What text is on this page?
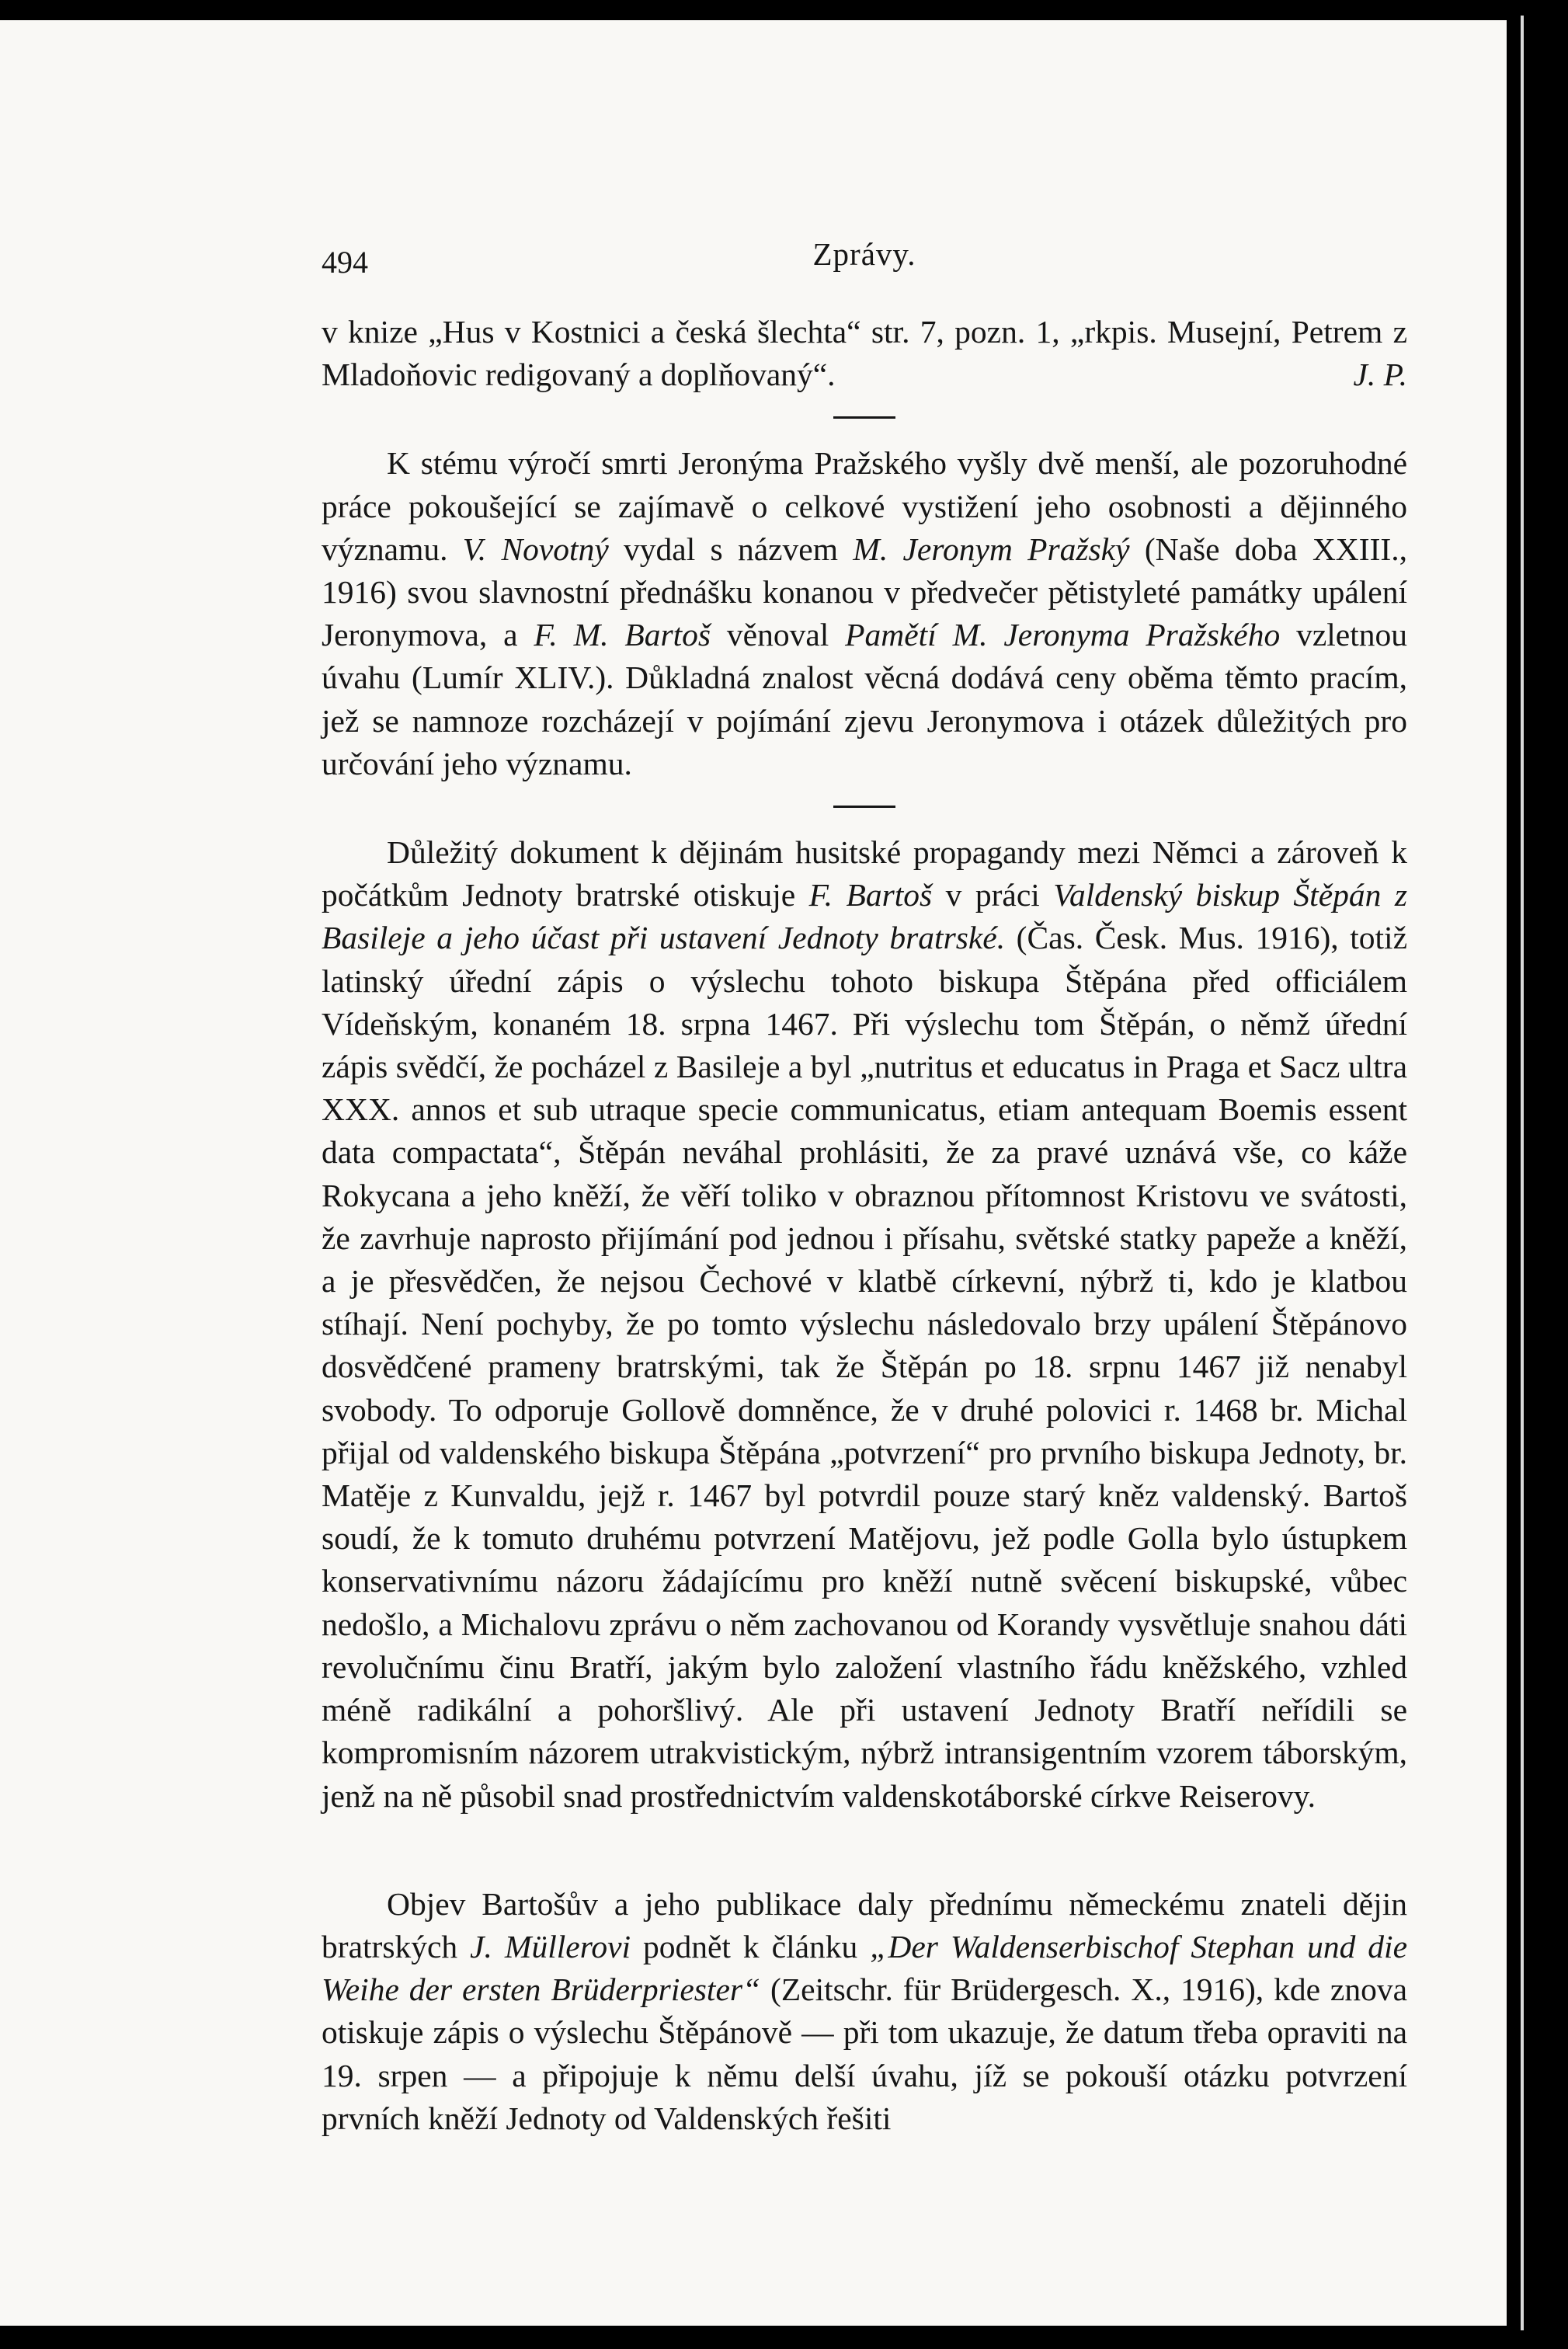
494	Zprávy.

v knize „Hus v Kostnici a česká šlechta“ str. 7, pozn. 1, „rkpis. Musejní, Petrem z Mladoňovic redigovaný a doplňovaný“.	J. P.

K stému výročí smrti Jeronýma Pražského vyšly dvě menší, ale pozoruhodné práce pokoušející se zajímavě o celkové vystižení jeho osobnosti a dějinného významu. V. Novotný vydal s názvem M. Jeronym Pražský (Naše doba XXIII., 1916) svou slavnostní přednášku konanou v předvečer pětistyleté památky upálení Jeronymova, a F. M. Bartoš věnoval Pamětí M. Jeronyma Pražského vzletnou úvahu (Lumír XLIV.). Důkladná znalost věcná dodává ceny oběma těmto pracím, jež se namnoze rozcházejí v pojímání zjevu Jeronymova i otázek důležitých pro určování jeho významu.

Důležitý dokument k dějinám husitské propagandy mezi Němci a zároveň k počátkům Jednoty bratrské otiskuje F. Bartoš v práci Valdenský biskup Štěpán z Basileje a jeho účast při ustavení Jednoty bratrské. (Čas. Česk. Mus. 1916), totiž latinský úřední zápis o výslechu tohoto biskupa Štěpána před officiálem Vídeňským, konaném 18. srpna 1467. Při výslechu tom Štěpán, o němž úřední zápis svědčí, že pocházel z Basileje a byl „nutritus et educatus in Praga et Sacz ultra XXX. annos et sub utraque specie communicatus, etiam antequam Boemis essent data compactata“, Štěpán neváhal prohlásiti, že za pravé uznává vše, co káže Rokycana a jeho kněží, že věří toliko v obraznou přítomnost Kristovu ve svátosti, že zavrhuje naprosto přijímání pod jednou i přísahu, světské statky papeže a kněží, a je přesvědčen, že nejsou Čechové v klatbě církevní, nýbrž ti, kdo je klatbou stíhají. Není pochyby, že po tomto výslechu následovalo brzy upálení Štěpánovo dosvědčené prameny bratrskými, tak že Štěpán po 18. srpnu 1467 již nenabyl svobody. To odporuje Gollově domněnce, že v druhé polovici r. 1468 br. Michal přijal od valdenského biskupa Štěpána „potvrzení“ pro prvního biskupa Jednoty, br. Matěje z Kunvaldu, jejž r. 1467 byl potvrdil pouze starý kněz valdenský. Bartoš soudí, že k tomuto druhému potvrzení Matějovu, jež podle Golla bylo ústupkem konservativnímu názoru žádajícímu pro kněží nutně svěcení biskupské, vůbec nedošlo, a Michalovu zprávu o něm zachovanou od Korandy vysvětluje snahou dáti revolučnímu činu Bratří, jakým bylo založení vlastního řádu kněžského, vzhled méně radikální a pohoršlivý. Ale při ustavení Jednoty Bratří neřídili se kompromisním názorem utrakvistickým, nýbrž intransigentním vzorem táborským, jenž na ně působil snad prostřednictvím valdenskotáborské církve Reiserovy.

Objev Bartošův a jeho publikace daly přednímu německému znateli dějin bratrských J. Müllerovi podnět k článku „Der Waldenserbischof Stephan und die Weihe der ersten Brüderpriester“ (Zeitschr. für Brüdergesch. X., 1916), kde znova otiskuje zápis o výslechu Štěpánově — při tom ukazuje, že datum třeba opraviti na 19. srpen — a připojuje k němu delší úvahu, jíž se pokouší otázku potvrzení prvních kněží Jednoty od Valdenských řešiti
